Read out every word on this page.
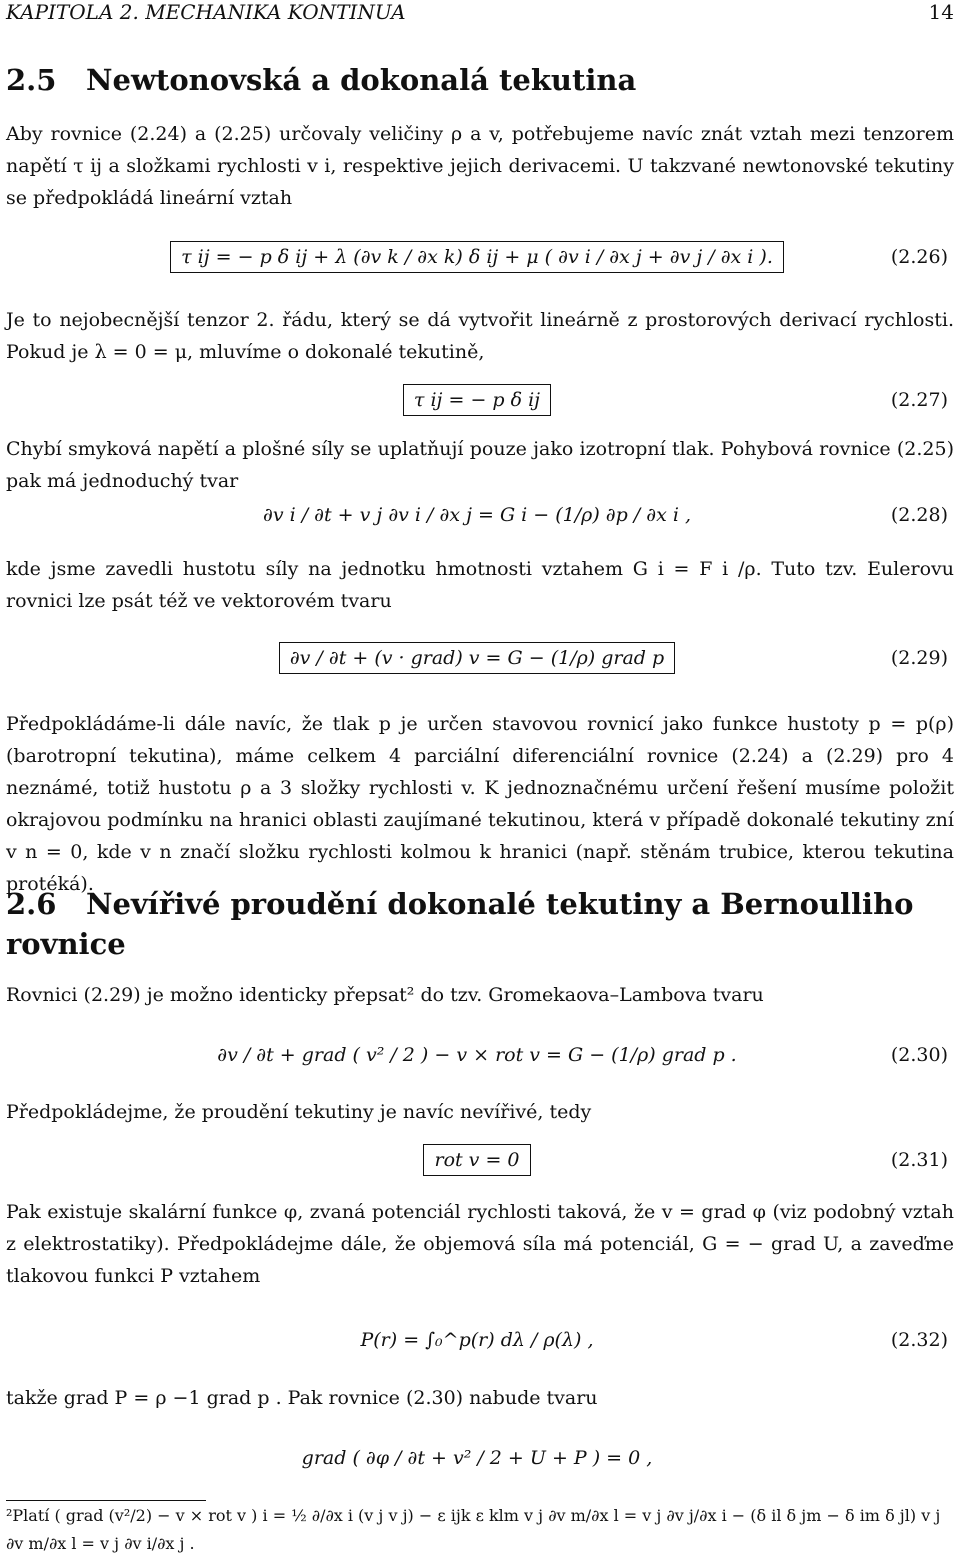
KAPITOLA 2. MECHANIKA KONTINUA	14
2.5 Newtonovská a dokonalá tekutina
Aby rovnice (2.24) a (2.25) určovaly veličiny ρ a v, potřebujeme navíc znát vztah mezi tenzorem napětí τ ij a složkami rychlosti v i, respektive jejich derivacemi. U takzvané newtonovské tekutiny se předpokládá lineární vztah
τ ij = − p δ ij + λ (∂v k / ∂x k) δ ij + μ ( ∂v i / ∂x j + ∂v j / ∂x i ).	(2.26)
Je to nejobecnější tenzor 2. řádu, který se dá vytvořit lineárně z prostorových derivací rychlosti. Pokud je λ = 0 = μ, mluvíme o dokonalé tekutině,
τ ij = − p δ ij	(2.27)
Chybí smyková napětí a plošné síly se uplatňují pouze jako izotropní tlak. Pohybová rovnice (2.25) pak má jednoduchý tvar
∂v i / ∂t + v j ∂v i / ∂x j = G i − (1/ρ) ∂p / ∂x i ,	(2.28)
kde jsme zavedli hustotu síly na jednotku hmotnosti vztahem G i = F i /ρ. Tuto tzv. Eulerovu rovnici lze psát též ve vektorovém tvaru
∂v / ∂t + (v · grad) v = G − (1/ρ) grad p	(2.29)
Předpokládáme-li dále navíc, že tlak p je určen stavovou rovnicí jako funkce hustoty p = p(ρ) (barotropní tekutina), máme celkem 4 parciální diferenciální rovnice (2.24) a (2.29) pro 4 neznámé, totiž hustotu ρ a 3 složky rychlosti v. K jednoznačnému určení řešení musíme položit okrajovou podmínku na hranici oblasti zaujímané tekutinou, která v případě dokonalé tekutiny zní v n = 0, kde v n značí složku rychlosti kolmou k hranici (např. stěnám trubice, kterou tekutina protéká).
2.6 Nevířivé proudění dokonalé tekutiny a Bernoulliho rovnice
Rovnici (2.29) je možno identicky přepsat² do tzv. Gromekaova–Lambova tvaru
∂v / ∂t + grad ( v² / 2 ) − v × rot v = G − (1/ρ) grad p .	(2.30)
Předpokládejme, že proudění tekutiny je navíc nevířivé, tedy
rot v = 0	(2.31)
Pak existuje skalární funkce φ, zvaná potenciál rychlosti taková, že v = grad φ (viz podobný vztah z elektrostatiky). Předpokládejme dále, že objemová síla má potenciál, G = − grad U, a zaveďme tlakovou funkci P vztahem
P(r) = ∫₀^p(r) dλ / ρ(λ) ,	(2.32)
takže grad P = ρ −1 grad p . Pak rovnice (2.30) nabude tvaru
grad ( ∂φ / ∂t + v² / 2 + U + P ) = 0 ,
²Platí ( grad (v²/2) − v × rot v ) i = ½ ∂/∂x i (v j v j) − ε ijk ε klm v j ∂v m/∂x l = v j ∂v j/∂x i − (δ il δ jm − δ im δ jl) v j ∂v m/∂x l = v j ∂v i/∂x j .
